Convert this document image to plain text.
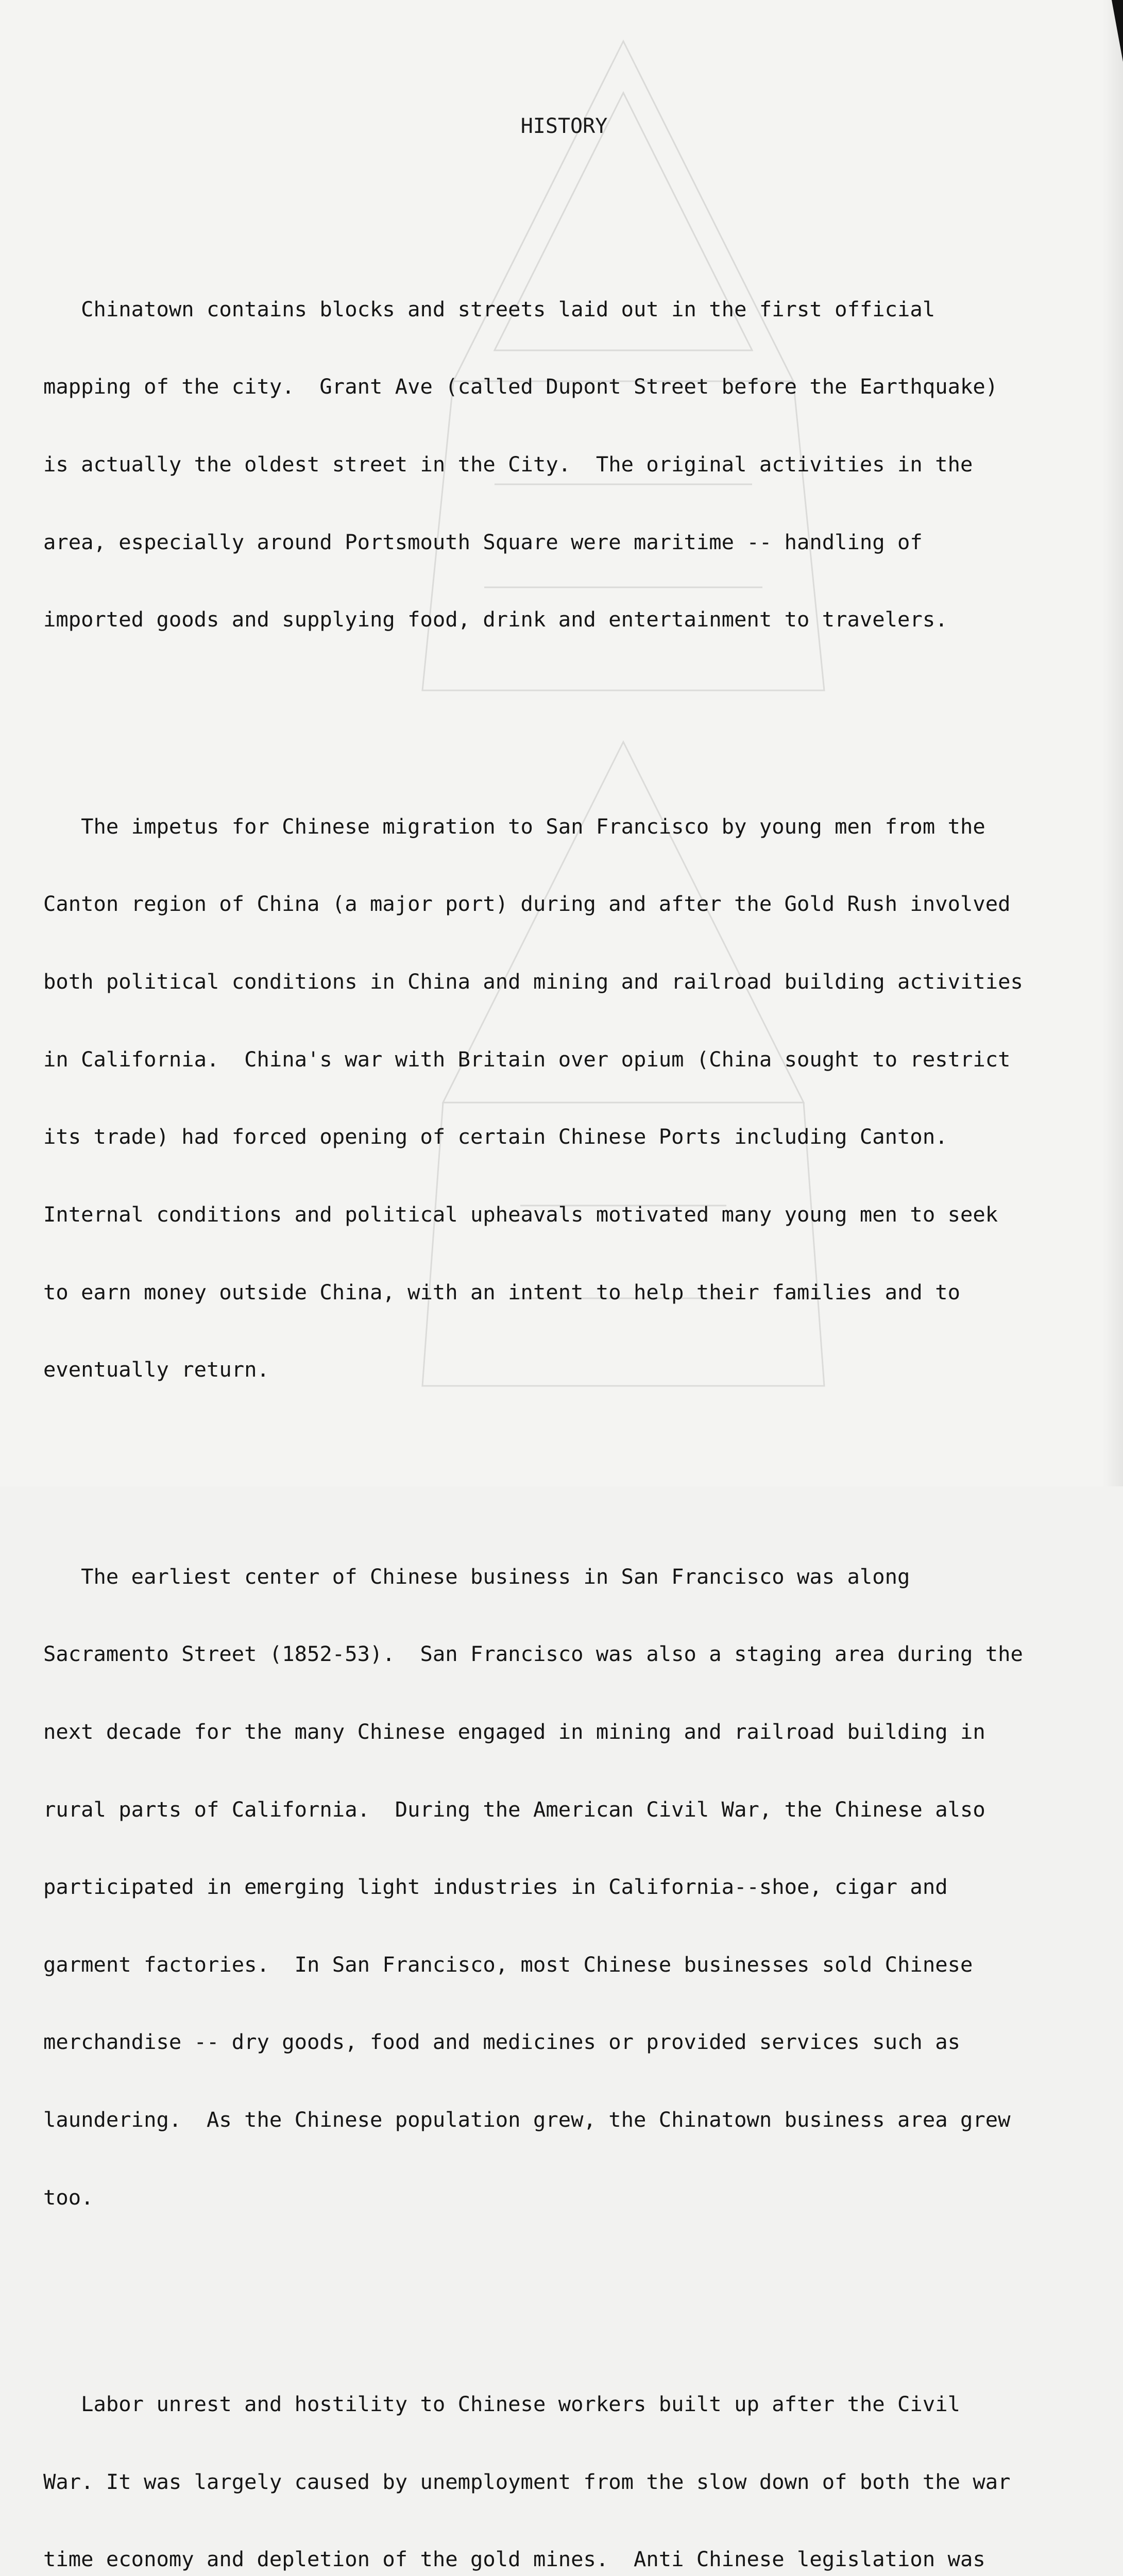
HISTORY

Chinatown contains blocks and streets laid out in the first official

mapping of the city.  Grant Ave (called Dupont Street before the Earthquake)

is actually the oldest street in the City.  The original activities in the

area, especially around Portsmouth Square were maritime -- handling of

imported goods and supplying food, drink and entertainment to travelers.

The impetus for Chinese migration to San Francisco by young men from the

Canton region of China (a major port) during and after the Gold Rush involved

both political conditions in China and mining and railroad building activities

in California.  China's war with Britain over opium (China sought to restrict

its trade) had forced opening of certain Chinese Ports including Canton.

Internal conditions and political upheavals motivated many young men to seek

to earn money outside China, with an intent to help their families and to

eventually return.

The earliest center of Chinese business in San Francisco was along

Sacramento Street (1852-53).  San Francisco was also a staging area during the

next decade for the many Chinese engaged in mining and railroad building in

rural parts of California.  During the American Civil War, the Chinese also

participated in emerging light industries in California--shoe, cigar and

garment factories.  In San Francisco, most Chinese businesses sold Chinese

merchandise -- dry goods, food and medicines or provided services such as

laundering.  As the Chinese population grew, the Chinatown business area grew

too.

Labor unrest and hostility to Chinese workers built up after the Civil

War. It was largely caused by unemployment from the slow down of both the war

time economy and depletion of the gold mines.  Anti Chinese legislation was
